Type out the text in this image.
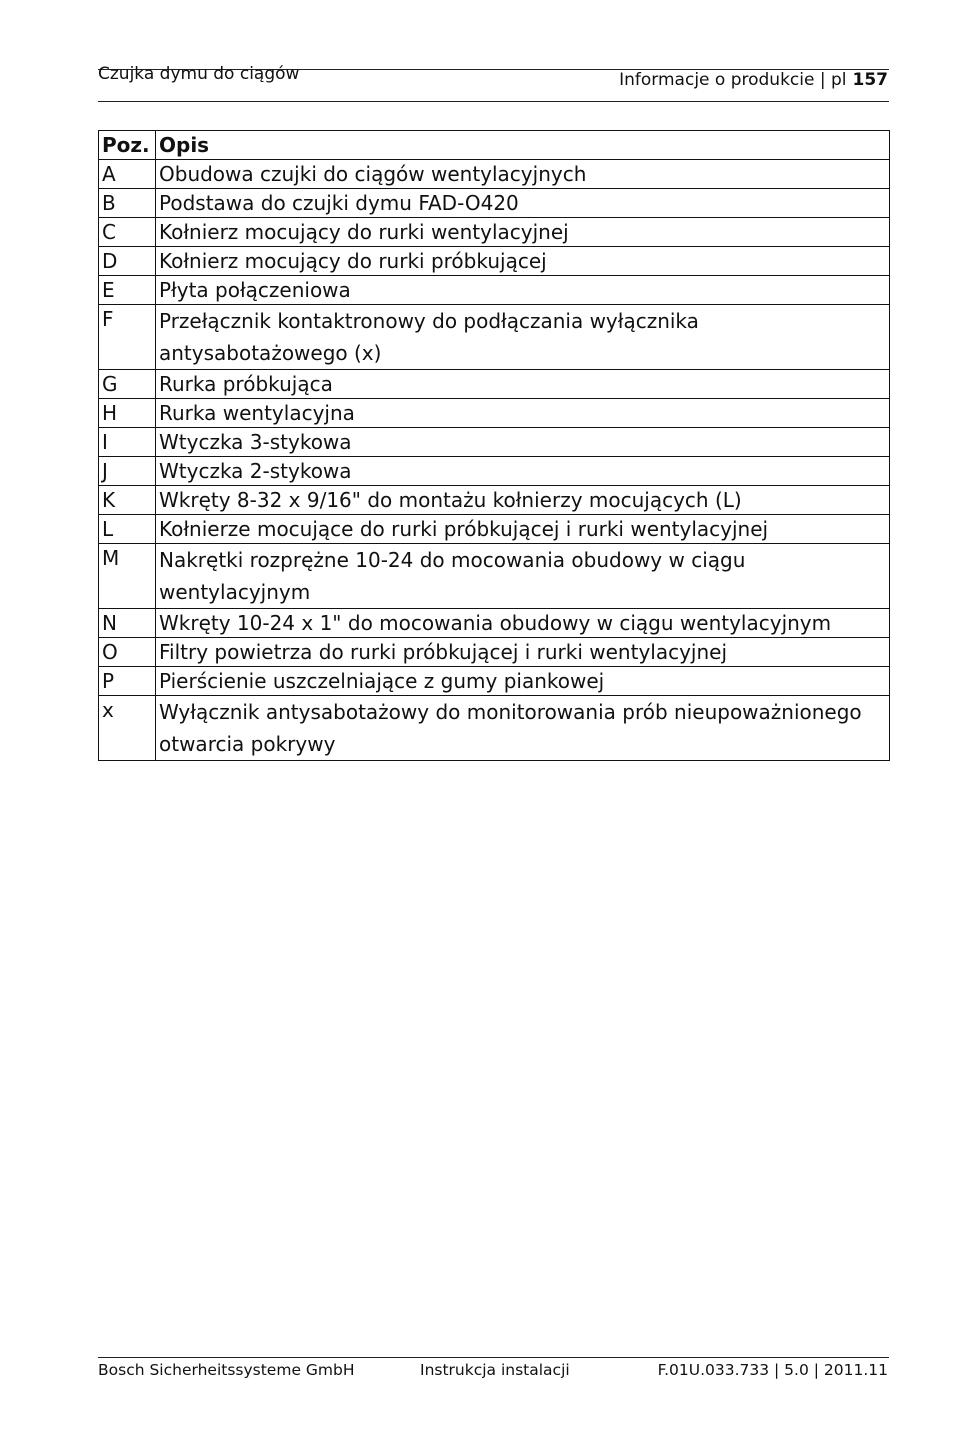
Czujka dymu do ciągów	Informacje o produkcie | pl 157
Poz.	Opis
A	Obudowa czujki do ciągów wentylacyjnych
B	Podstawa do czujki dymu FAD-O420
C	Kołnierz mocujący do rurki wentylacyjnej
D	Kołnierz mocujący do rurki próbkującej
E	Płyta połączeniowa
F	Przełącznik kontaktronowy do podłączania wyłącznika antysabotażowego (x)
G	Rurka próbkująca
H	Rurka wentylacyjna
I	Wtyczka 3-stykowa
J	Wtyczka 2-stykowa
K	Wkręty 8-32 x 9/16" do montażu kołnierzy mocujących (L)
L	Kołnierze mocujące do rurki próbkującej i rurki wentylacyjnej
M	Nakrętki rozprężne 10-24 do mocowania obudowy w ciągu wentylacyjnym
N	Wkręty 10-24 x 1" do mocowania obudowy w ciągu wentylacyjnym
O	Filtry powietrza do rurki próbkującej i rurki wentylacyjnej
P	Pierścienie uszczelniające z gumy piankowej
x	Wyłącznik antysabotażowy do monitorowania prób nieupoważnionego otwarcia pokrywy
Bosch Sicherheitssysteme GmbH	Instrukcja instalacji	F.01U.033.733 | 5.0 | 2011.11
